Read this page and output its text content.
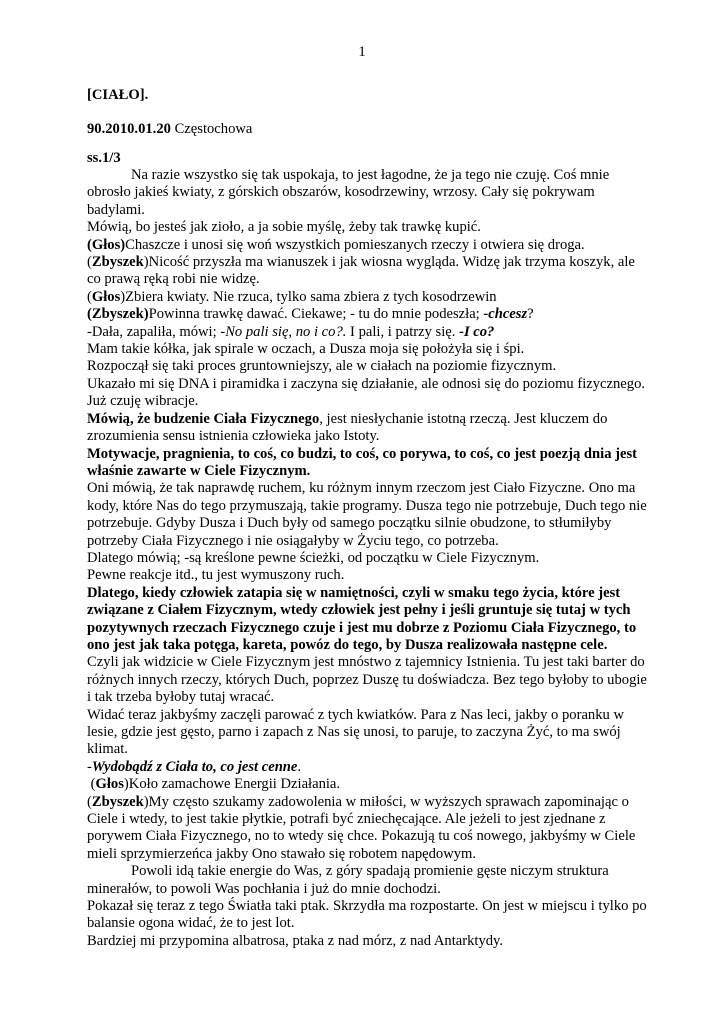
1
[CIAŁO].
90.2010.01.20 Częstochowa
ss.1/3

Na razie wszystko się tak uspokaja, to jest łagodne, że ja tego nie czuję. Coś mnie obrosło jakieś kwiaty, z górskich obszarów, kosodrzewiny, wrzosy. Cały się pokrywam badylami.

Mówią, bo jesteś jak zioło, a ja sobie myślę, żeby tak trawkę kupić.

(Głos)Chaszcze i unosi się woń wszystkich pomieszanych rzeczy i otwiera się droga.

(Zbyszek)Nicość przyszła ma wianuszek i jak wiosna wygląda. Widzę jak trzyma koszyk, ale co prawą ręką robi nie widzę.

(Głos)Zbiera kwiaty. Nie rzuca, tylko sama zbiera z tych kosodrzewin

(Zbyszek)Powinna trawkę dawać. Ciekawe; - tu do mnie podeszła; -chcesz?

-Dała, zapaliła, mówi; -No pali się, no i co?. I pali, i patrzy się. -I co?

Mam takie kółka, jak spirale w oczach, a Dusza moja się położyła się i śpi.

Rozpoczął się taki proces gruntowniejszy, ale w ciałach na poziomie fizycznym.

Ukazało mi się DNA i piramidka i zaczyna się działanie, ale odnosi się do poziomu fizycznego. Już czuję wibracje.

Mówią, że budzenie Ciała Fizycznego, jest niesłychanie istotną rzeczą. Jest kluczem do zrozumienia sensu istnienia człowieka jako Istoty.

Motywacje, pragnienia, to coś, co budzi, to coś, co porywa, to coś, co jest poezją dnia jest właśnie zawarte w Ciele Fizycznym.

Oni mówią, że tak naprawdę ruchem, ku różnym innym rzeczom jest Ciało Fizyczne. Ono ma kody, które Nas do tego przymuszają, takie programy. Dusza tego nie potrzebuje, Duch tego nie potrzebuje. Gdyby Dusza i Duch były od samego początku silnie obudzone, to stłumiłyby potrzeby Ciała Fizycznego i nie osiągałyby w Życiu tego, co potrzeba.

Dlatego mówią; -są kreślone pewne ścieżki, od początku w Ciele Fizycznym.

Pewne reakcje itd., tu jest wymuszony ruch.

Dlatego, kiedy człowiek zatapia się w namiętności, czyli w smaku tego życia, które jest związane z Ciałem Fizycznym, wtedy człowiek jest pełny i jeśli gruntuje się tutaj w tych pozytywnych rzeczach Fizycznego czuje i jest mu dobrze z Poziomu Ciała Fizycznego, to ono jest jak taka potęga, kareta, powóz do tego, by Dusza realizowała następne cele.

Czyli jak widzicie w Ciele Fizycznym jest mnóstwo z tajemnicy Istnienia. Tu jest taki barter do różnych innych rzeczy, których Duch, poprzez Duszę tu doświadcza. Bez tego byłoby to ubogie i tak trzeba byłoby tutaj wracać.

Widać teraz jakbyśmy zaczęli parować z tych kwiatków. Para z Nas leci, jakby o poranku w lesie, gdzie jest gęsto, parno i zapach z Nas się unosi, to paruje, to zaczyna Żyć, to ma swój klimat.

-Wydobądź z Ciała to, co jest cenne.

(Głos)Koło zamachowe Energii Działania.

(Zbyszek)My często szukamy zadowolenia w miłości, w wyższych sprawach zapominając o Ciele i wtedy, to jest takie płytkie, potrafi być zniechęcające. Ale jeżeli to jest zjednane z porywem Ciała Fizycznego, no to wtedy się chce. Pokazują tu coś nowego, jakbyśmy w Ciele mieli sprzymierzeńca jakby Ono stawało się robotem napędowym.

Powoli idą takie energie do Was, z góry spadają promienie gęste niczym struktura minerałów, to powoli Was pochłania i już do mnie dochodzi.

Pokazał się teraz z tego Światła taki ptak. Skrzydła ma rozpostarte. On jest w miejscu i tylko po balansie ogona widać, że to jest lot.

Bardziej mi przypomina albatrosa, ptaka z nad mórz, z nad Antarktydy.
